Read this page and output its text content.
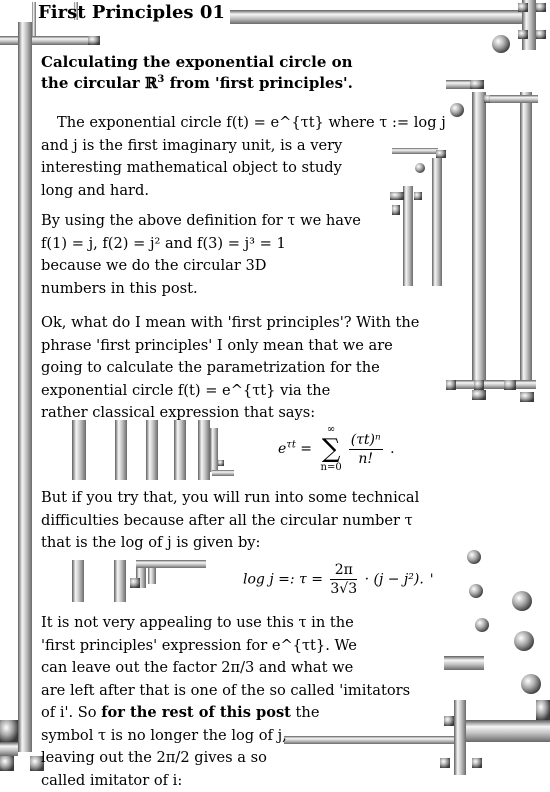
First Principles 01
Calculating the exponential circle on
the circular ℝ$^3$ from 'first principles'.
The exponential circle f(t) = e^{τt} where τ := log j
and j is the first imaginary unit, is a very
interesting mathematical object to study
long and hard.
By using the above definition for τ we have
f(1) = j, f(2) = j² and f(3) = j³ = 1
because we do the circular 3D
numbers in this post.
Ok, what do I mean with 'first principles'? With the
phrase 'first principles' I only mean that we are
going to calculate the parametrization for the
exponential circle f(t) = e^{τt} via the
rather classical expression that says:
$e^{\tau t}$ =
∞
∑
$n=0 \frac{\text{(τt)ⁿ}}{n!}$ .
But if you try that, you will run into some technical
difficulties because after all the circular number τ
that is the log of j is given by:
log j =: $\tau = \frac{2\pi}{3√3} \cdot (j - j^2)$. '
It is not very appealing to use this τ in the
'first principles' expression for e^{τt}. We
can leave out the factor 2π/3 and what we
are left after that is one of the so called 'imitators
of i'. So for the rest of this post the
symbol τ is no longer the log of j,
leaving out the 2π/2 gives a so
called imitator of i:
